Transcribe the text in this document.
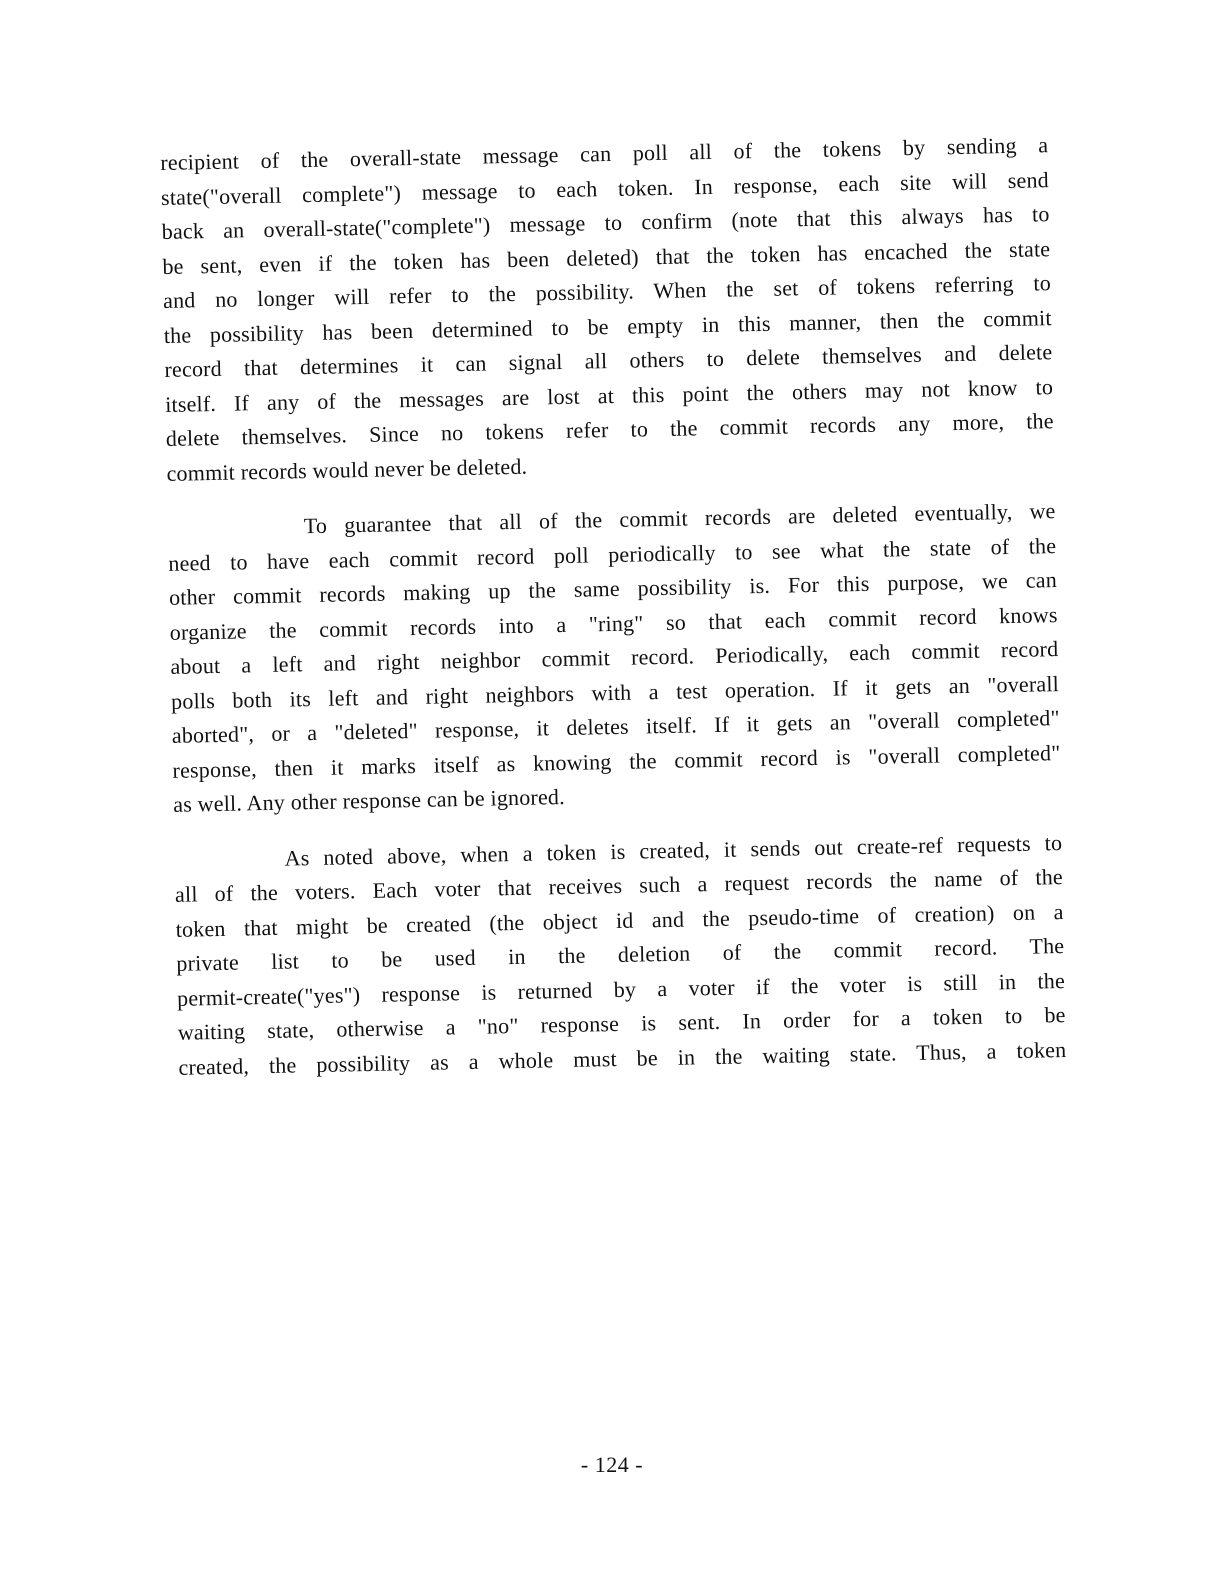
recipient of the overall-state message can poll all of the tokens by sending a
state("overall complete") message to each token. In response, each site will send
back an overall-state("complete") message to confirm (note that this always has to
be sent, even if the token has been deleted) that the token has encached the state
and no longer will refer to the possibility. When the set of tokens referring to
the possibility has been determined to be empty in this manner, then the commit
record that determines it can signal all others to delete themselves and delete
itself. If any of the messages are lost at this point the others may not know to
delete themselves. Since no tokens refer to the commit records any more, the
commit records would never be deleted.
To guarantee that all of the commit records are deleted eventually, we
need to have each commit record poll periodically to see what the state of the
other commit records making up the same possibility is. For this purpose, we can
organize the commit records into a "ring" so that each commit record knows
about a left and right neighbor commit record. Periodically, each commit record
polls both its left and right neighbors with a test operation. If it gets an "overall
aborted", or a "deleted" response, it deletes itself. If it gets an "overall completed"
response, then it marks itself as knowing the commit record is "overall completed"
as well. Any other response can be ignored.
As noted above, when a token is created, it sends out create-ref requests to
all of the voters. Each voter that receives such a request records the name of the
token that might be created (the object id and the pseudo-time of creation) on a
private list to be used in the deletion of the commit record. The
permit-create("yes") response is returned by a voter if the voter is still in the
waiting state, otherwise a "no" response is sent. In order for a token to be
created, the possibility as a whole must be in the waiting state. Thus, a token
- 124 -
